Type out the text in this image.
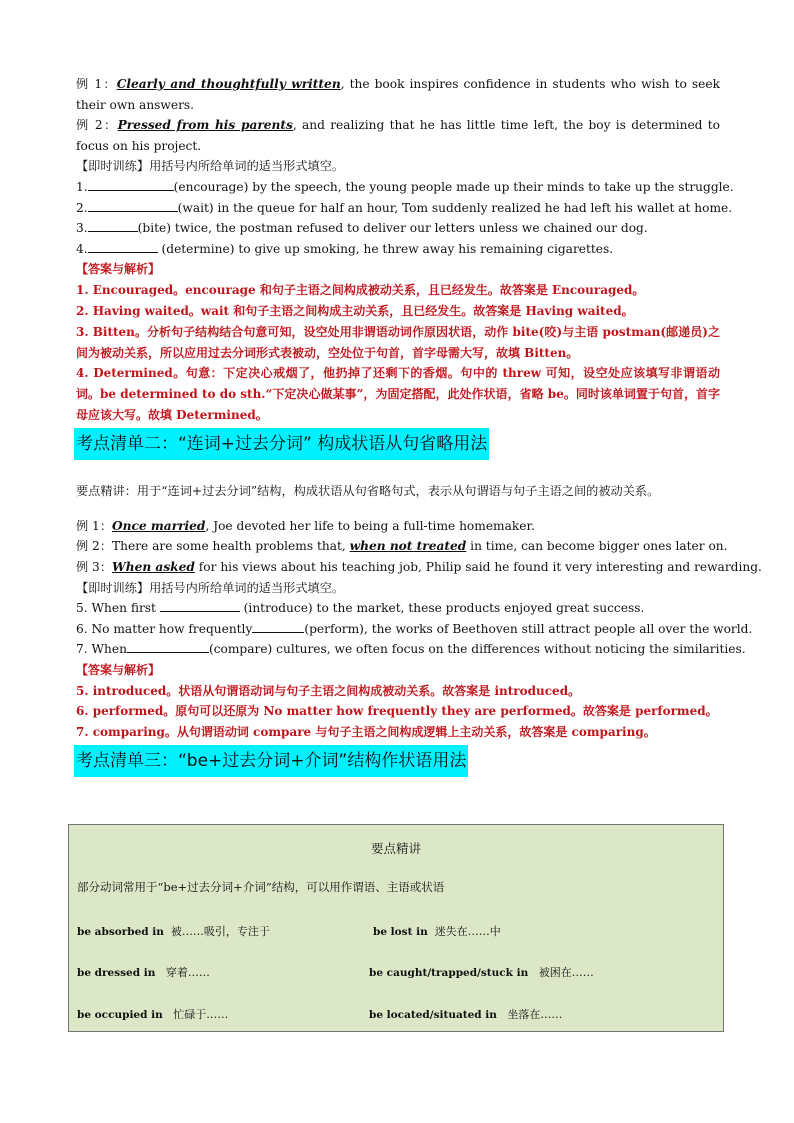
例 1：Clearly and thoughtfully written, the book inspires confidence in students who wish to seek their own answers.
例 2：Pressed from his parents, and realizing that he has little time left, the boy is determined to focus on his project.
【即时训练】用括号内所给单词的适当形式填空。
1.	(encourage) by the speech, the young people made up their minds to take up the struggle.
2.	(wait) in the queue for half an hour, Tom suddenly realized he had left his wallet at home.
3.	(bite) twice, the postman refused to deliver our letters unless we chained our dog.
4.	(determine) to give up smoking, he threw away his remaining cigarettes.
【答案与解析】
1. Encouraged。encourage 和句子主语之间构成被动关系，且已经发生。故答案是 Encouraged。
2. Having waited。wait 和句子主语之间构成主动关系，且已经发生。故答案是 Having waited。
3. Bitten。分析句子结构结合句意可知，设空处用非谓语动词作原因状语，动作 bite(咬)与主语 postman(邮递员)之间为被动关系，所以应用过去分词形式表被动，空处位于句首，首字母需大写，故填 Bitten。
4. Determined。句意：下定决心戒烟了，他扔掉了还剩下的香烟。句中的 threw 可知，设空处应该填写非谓语动词。be determined to do sth.“下定决心做某事”，为固定搭配，此处作状语，省略 be。同时该单词置于句首，首字母应该大写。故填 Determined。
考点清单二：“连词+过去分词” 构成状语从句省略用法
要点精讲：用于“连词+过去分词”结构，构成状语从句省略句式，表示从句谓语与句子主语之间的被动关系。
例 1：Once married, Joe devoted her life to being a full-time homemaker.
例 2：There are some health problems that, when not treated in time, can become bigger ones later on.
例 3：When asked for his views about his teaching job, Philip said he found it very interesting and rewarding.
【即时训练】用括号内所给单词的适当形式填空。
5. When first	(introduce) to the market, these products enjoyed great success.
6. No matter how frequently	(perform), the works of Beethoven still attract people all over the world.
7. When	(compare) cultures, we often focus on the differences without noticing the similarities.
【答案与解析】
5. introduced。状语从句谓语动词与句子主语之间构成被动关系。故答案是 introduced。
6. performed。原句可以还原为 No matter how frequently they are performed。故答案是 performed。
7. comparing。从句谓语动词 compare 与句子主语之间构成逻辑上主动关系，故答案是 comparing。
考点清单三：“be+过去分词+介词”结构作状语用法
要点精讲
部分动词常用于“be+过去分词+介词”结构，可以用作谓语、主语或状语
be absorbed in 被……吸引，专注于	be lost in 迷失在……中
be dressed in 穿着……	be caught/trapped/stuck in 被困在……
be occupied in 忙碌于……	be located/situated in 坐落在……
